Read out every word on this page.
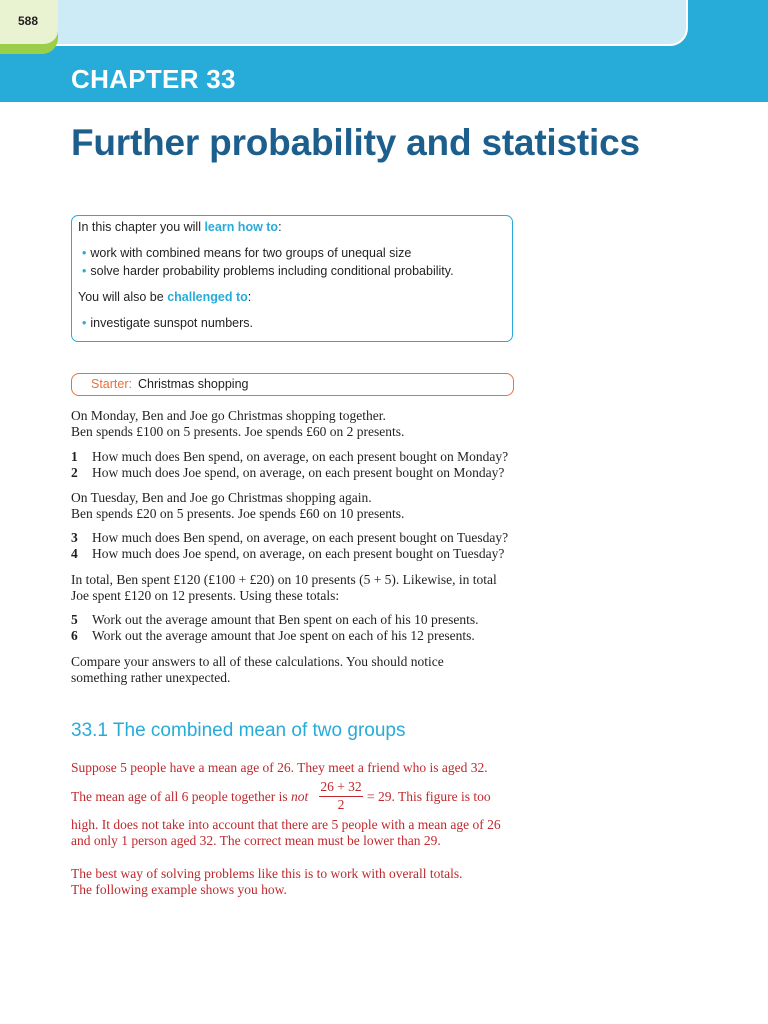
588
CHAPTER 33
Further probability and statistics
In this chapter you will learn how to:
• work with combined means for two groups of unequal size
• solve harder probability problems including conditional probability.
You will also be challenged to:
• investigate sunspot numbers.
Starter: Christmas shopping
On Monday, Ben and Joe go Christmas shopping together.
Ben spends £100 on 5 presents. Joe spends £60 on 2 presents.
1 How much does Ben spend, on average, on each present bought on Monday?
2 How much does Joe spend, on average, on each present bought on Monday?
On Tuesday, Ben and Joe go Christmas shopping again.
Ben spends £20 on 5 presents. Joe spends £60 on 10 presents.
3 How much does Ben spend, on average, on each present bought on Tuesday?
4 How much does Joe spend, on average, on each present bought on Tuesday?
In total, Ben spent £120 (£100 + £20) on 10 presents (5 + 5). Likewise, in total
Joe spent £120 on 12 presents. Using these totals:
5 Work out the average amount that Ben spent on each of his 10 presents.
6 Work out the average amount that Joe spent on each of his 12 presents.
Compare your answers to all of these calculations. You should notice
something rather unexpected.
33.1 The combined mean of two groups
Suppose 5 people have a mean age of 26. They meet a friend who is aged 32.
The mean age of all 6 people together is not
26 + 32
2
= 29. This figure is too
high. It does not take into account that there are 5 people with a mean age of 26
and only 1 person aged 32. The correct mean must be lower than 29.
The best way of solving problems like this is to work with overall totals.
The following example shows you how.
